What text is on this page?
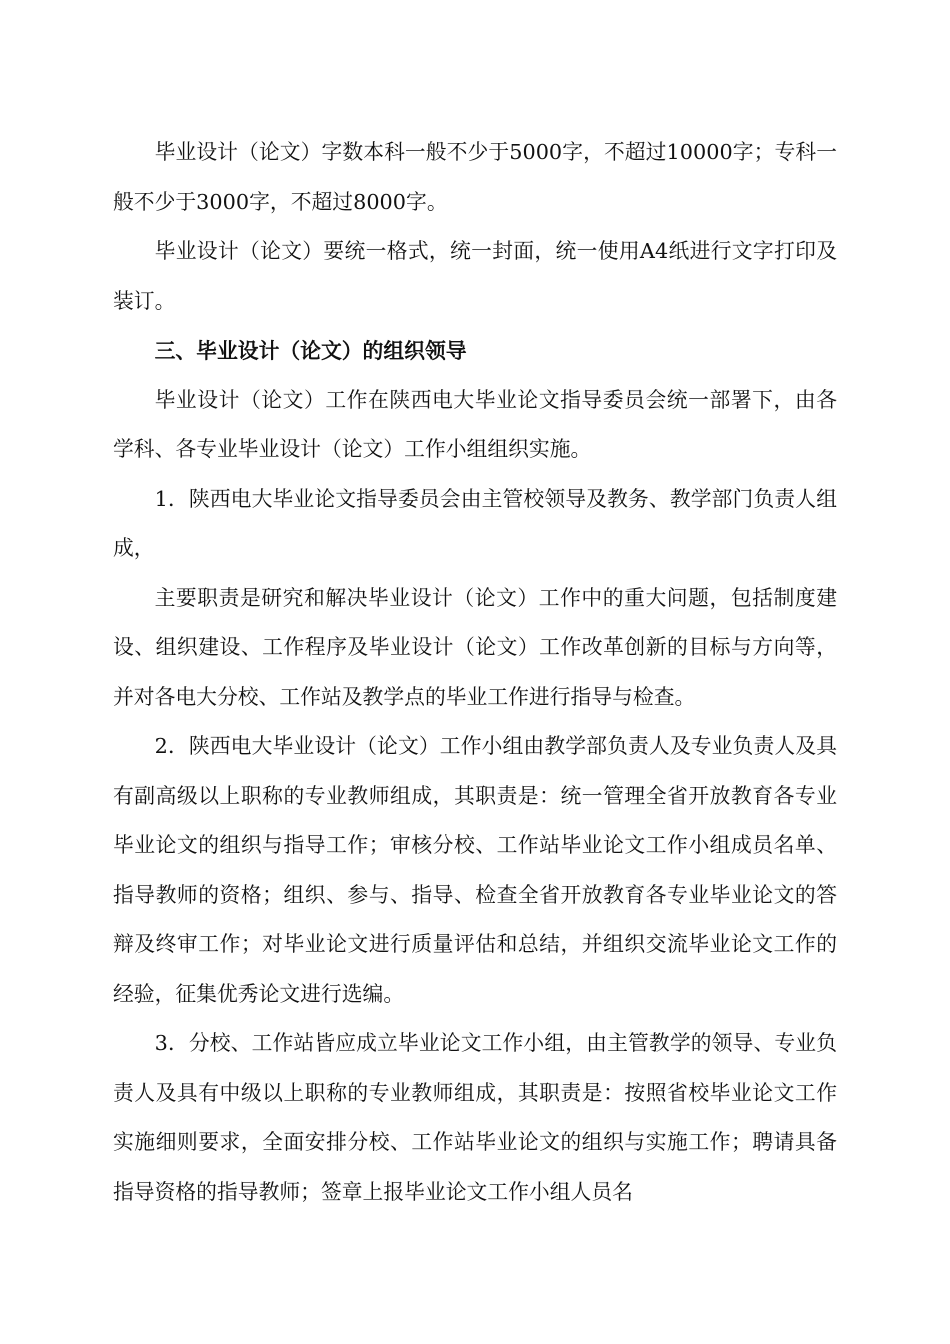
毕业设计（论文）字数本科一般不少于5000字，不超过10000字；专科一般不少于3000字，不超过8000字。

毕业设计（论文）要统一格式，统一封面，统一使用A4纸进行文字打印及装订。

三、毕业设计（论文）的组织领导

毕业设计（论文）工作在陕西电大毕业论文指导委员会统一部署下，由各学科、各专业毕业设计（论文）工作小组组织实施。

1．陕西电大毕业论文指导委员会由主管校领导及教务、教学部门负责人组成，

主要职责是研究和解决毕业设计（论文）工作中的重大问题，包括制度建设、组织建设、工作程序及毕业设计（论文）工作改革创新的目标与方向等，并对各电大分校、工作站及教学点的毕业工作进行指导与检查。

2．陕西电大毕业设计（论文）工作小组由教学部负责人及专业负责人及具有副高级以上职称的专业教师组成，其职责是：统一管理全省开放教育各专业毕业论文的组织与指导工作；审核分校、工作站毕业论文工作小组成员名单、指导教师的资格；组织、参与、指导、检查全省开放教育各专业毕业论文的答辩及终审工作；对毕业论文进行质量评估和总结，并组织交流毕业论文工作的经验，征集优秀论文进行选编。

3．分校、工作站皆应成立毕业论文工作小组，由主管教学的领导、专业负责人及具有中级以上职称的专业教师组成，其职责是：按照省校毕业论文工作实施细则要求，全面安排分校、工作站毕业论文的组织与实施工作；聘请具备指导资格的指导教师；签章上报毕业论文工作小组人员名
